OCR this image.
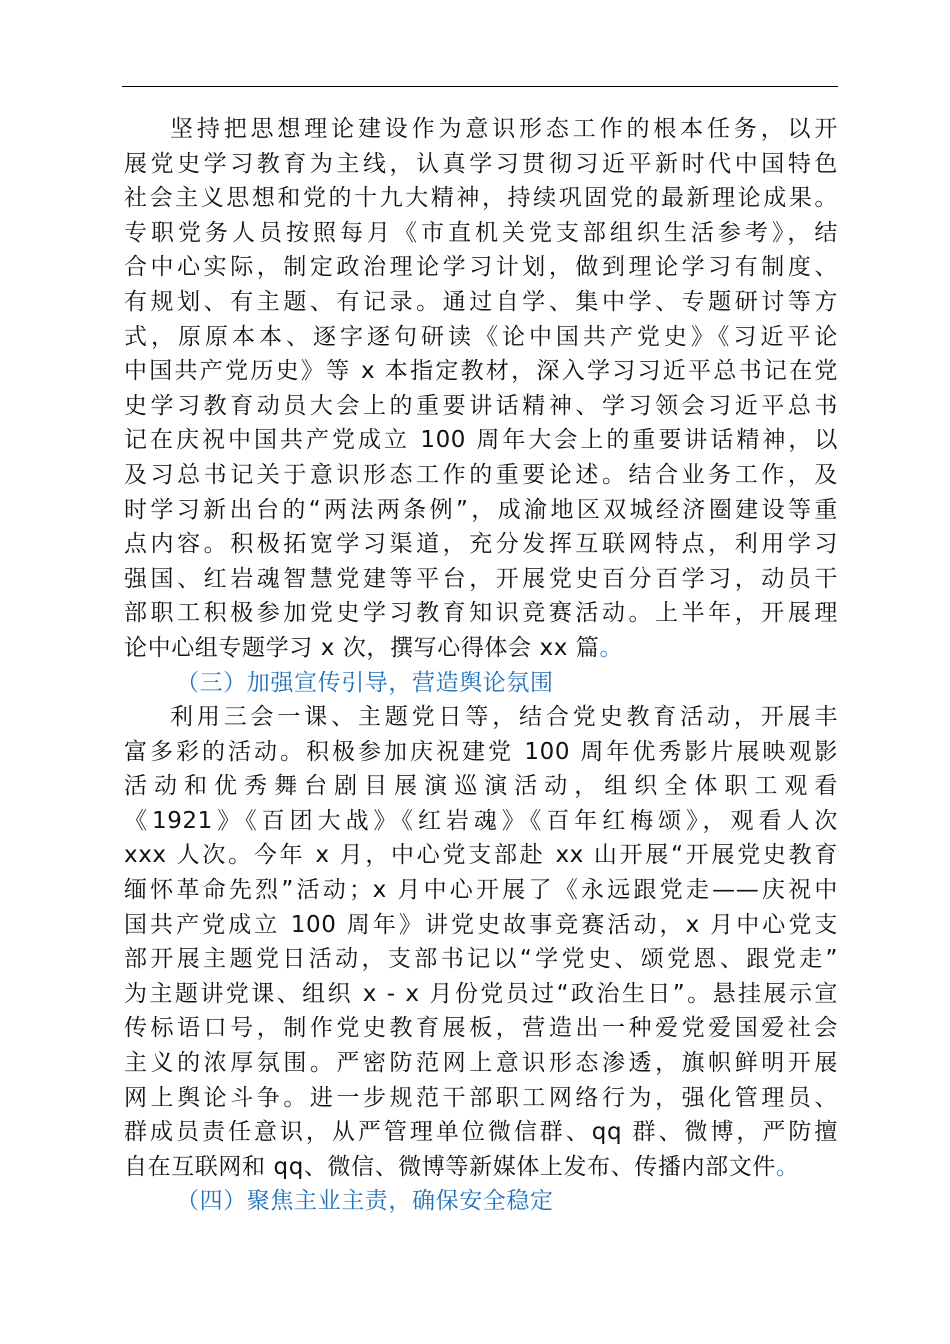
坚持把思想理论建设作为意识形态工作的根本任务，以开
展党史学习教育为主线，认真学习贯彻习近平新时代中国特色
社会主义思想和党的十九大精神，持续巩固党的最新理论成果。
专职党务人员按照每月《市直机关党支部组织生活参考》，结
合中心实际，制定政治理论学习计划，做到理论学习有制度、
有规划、有主题、有记录。通过自学、集中学、专题研讨等方
式，原原本本、逐字逐句研读《论中国共产党史》《习近平论
中国共产党历史》等 x 本指定教材，深入学习习近平总书记在党
史学习教育动员大会上的重要讲话精神、学习领会习近平总书
记在庆祝中国共产党成立 100 周年大会上的重要讲话精神，以
及习总书记关于意识形态工作的重要论述。结合业务工作，及
时学习新出台的“两法两条例”，成渝地区双城经济圈建设等重
点内容。积极拓宽学习渠道，充分发挥互联网特点，利用学习
强国、红岩魂智慧党建等平台，开展党史百分百学习，动员干
部职工积极参加党史学习教育知识竞赛活动。上半年，开展理
论中心组专题学习 x 次，撰写心得体会 xx 篇。
（三）加强宣传引导，营造舆论氛围
利用三会一课、主题党日等，结合党史教育活动，开展丰
富多彩的活动。积极参加庆祝建党 100 周年优秀影片展映观影
活动和优秀舞台剧目展演巡演活动，组织全体职工观看
《1921》《百团大战》《红岩魂》《百年红梅颂》，观看人次
xxx 人次。今年 x 月，中心党支部赴 xx 山开展“开展党史教育
缅怀革命先烈”活动；x 月中心开展了《永远跟党走——庆祝中
国共产党成立 100 周年》讲党史故事竞赛活动，x 月中心党支
部开展主题党日活动，支部书记以“学党史、颂党恩、跟党走”
为主题讲党课、组织 x - x 月份党员过“政治生日”。悬挂展示宣
传标语口号，制作党史教育展板，营造出一种爱党爱国爱社会
主义的浓厚氛围。严密防范网上意识形态渗透，旗帜鲜明开展
网上舆论斗争。进一步规范干部职工网络行为，强化管理员、
群成员责任意识，从严管理单位微信群、qq 群、微博，严防擅
自在互联网和 qq、微信、微博等新媒体上发布、传播内部文件。
（四）聚焦主业主责，确保安全稳定
